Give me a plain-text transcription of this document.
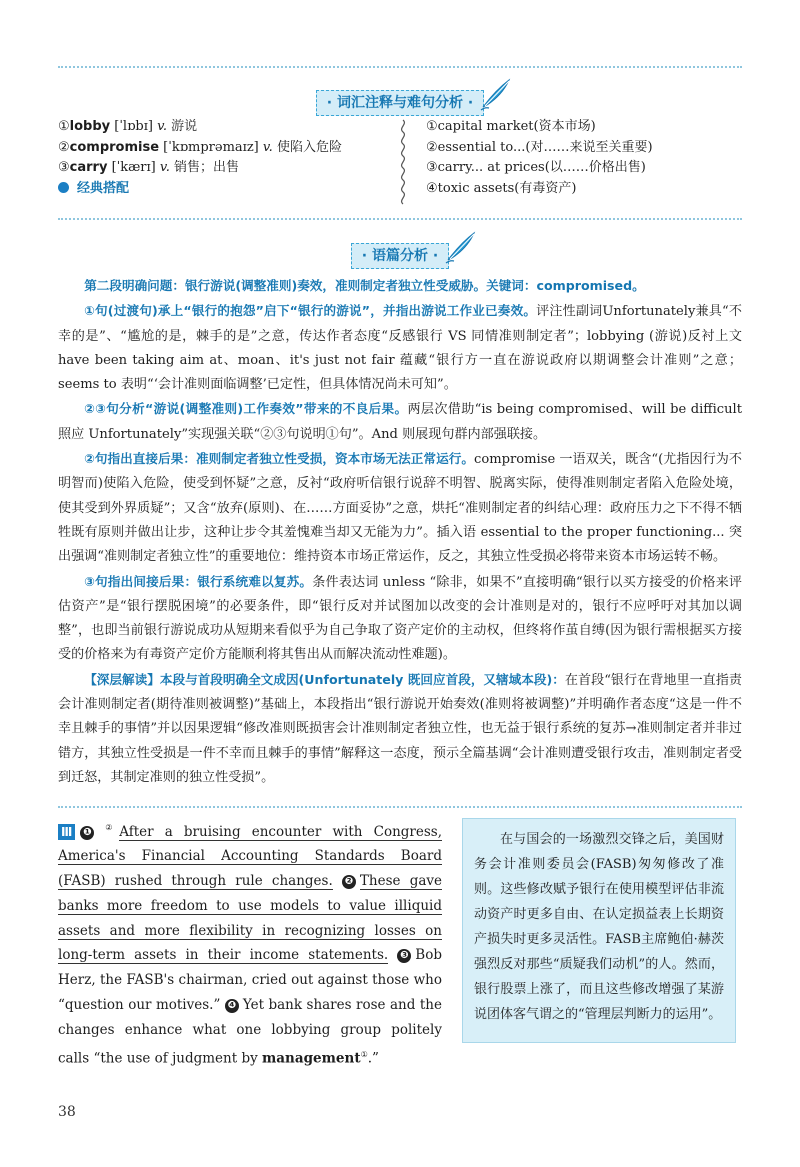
· 词汇注释与难句分析 ·
①lobby [ˈlɒbɪ] v. 游说
②compromise [ˈkɒmprəmaɪz] v. 使陷入危险
③carry [ˈkærɪ] v. 销售；出售
经典搭配
①capital market(资本市场)
②essential to...(对……来说至关重要)
③carry... at prices(以……价格出售)
④toxic assets(有毒资产)
· 语篇分析 ·

第二段明确问题：银行游说(调整准则)奏效，准则制定者独立性受威胁。关键词：compromised。

①句(过渡句)承上“银行的抱怨”启下“银行的游说”，并指出游说工作业已奏效。评注性副词Unfortunately兼具“不幸的是”、“尴尬的是，棘手的是”之意，传达作者态度“反感银行 VS 同情准则制定者”；lobbying (游说)反衬上文 have been taking aim at、moan、it's just not fair 蕴藏“银行方一直在游说政府以期调整会计准则”之意；seems to 表明“‘会计准则面临调整’已定性，但具体情况尚未可知”。

②③句分析“游说(调整准则)工作奏效”带来的不良后果。两层次借助“is being compromised、will be difficult 照应 Unfortunately”实现强关联“②③句说明①句”。And 则展现句群内部强联接。

②句指出直接后果：准则制定者独立性受损，资本市场无法正常运行。compromise 一语双关，既含“(尤指因行为不明智而)使陷入危险，使受到怀疑”之意，反衬“政府听信银行说辞不明智、脱离实际，使得准则制定者陷入危险处境，使其受到外界质疑”；又含“放弃(原则)、在……方面妥协”之意，烘托“准则制定者的纠结心理：政府压力之下不得不牺牲既有原则并做出让步，这种让步令其羞愧难当却又无能为力”。插入语 essential to the proper functioning... 突出强调“准则制定者独立性”的重要地位：维持资本市场正常运作，反之，其独立性受损必将带来资本市场运转不畅。

③句指出间接后果：银行系统难以复苏。条件表达词 unless “除非，如果不”直接明确“银行以买方接受的价格来评估资产”是“银行摆脱困境”的必要条件，即“银行反对并试图加以改变的会计准则是对的，银行不应呼吁对其加以调整”，也即当前银行游说成功从短期来看似乎为自己争取了资产定价的主动权，但终将作茧自缚(因为银行需根据买方接受的价格来为有毒资产定价方能顺利将其售出从而解决流动性难题)。

【深层解读】本段与首段明确全文成因(Unfortunately 既回应首段，又辖域本段)：在首段“银行在背地里一直指责会计准则制定者(期待准则被调整)”基础上，本段指出“银行游说开始奏效(准则将被调整)”并明确作者态度“这是一件不幸且棘手的事情”并以因果逻辑“修改准则既损害会计准则制定者独立性，也无益于银行系统的复苏→准则制定者并非过错方，其独立性受损是一件不幸而且棘手的事情”解释这一态度，预示全篇基调“会计准则遭受银行攻击，准则制定者受到迁怒，其制定准则的独立性受损”。

Ⅲ ❶ ②After a bruising encounter with Congress, America's Financial Accounting Standards Board (FASB) rushed through rule changes. ❷ These gave banks more freedom to use models to value illiquid assets and more flexibility in recognizing losses on long-term assets in their income statements. ❸ Bob Herz, the FASB's chairman, cried out against those who “question our motives.” ❹ Yet bank shares rose and the changes enhance what one lobbying group politely calls “the use of judgment by management①.”
在与国会的一场激烈交锋之后，美国财务会计准则委员会(FASB)匆匆修改了准则。这些修改赋予银行在使用模型评估非流动资产时更多自由、在认定损益表上长期资产损失时更多灵活性。FASB主席鲍伯·赫茨强烈反对那些“质疑我们动机”的人。然而，银行股票上涨了，而且这些修改增强了某游说团体客气谓之的“管理层判断力的运用”。
38
